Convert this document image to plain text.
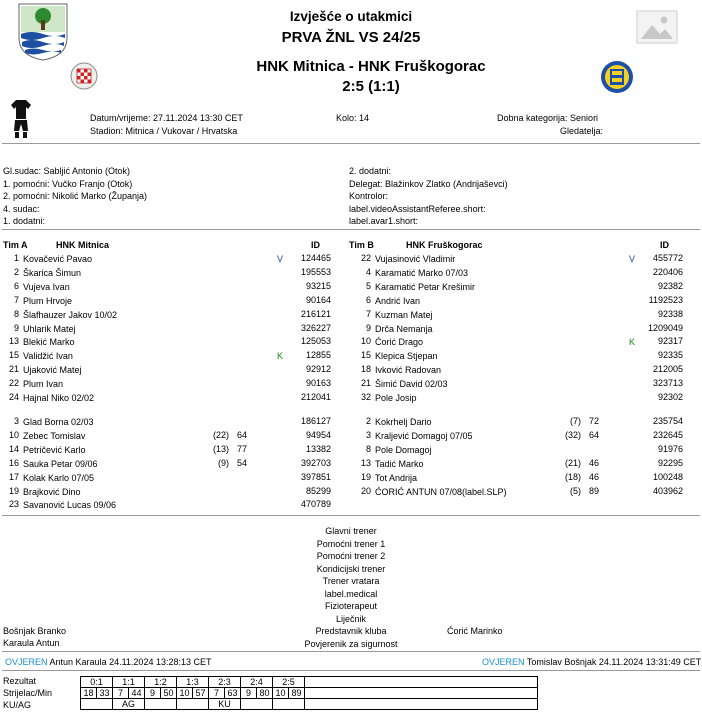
Izvješće o utakmici
PRVA ŽNL VS 24/25
HNK Mitnica - HNK Fruškogorac
2:5 (1:1)
Datum/vrijeme: 27.11.2024 13:30 CET
Stadion: Mitnica / Vukovar / Hrvatska
Kolo: 14	Dobna kategorija: Seniori
Gledatelja:
Gl.sudac: Sabljić Antonio (Otok)
1. pomoćni: Vučko Franjo (Otok)
2. pomoćni: Nikolić Marko (Županja)
4. sudac:
1. dodatni:
2. dodatni:
Delegat: Blažinkov Zlatko (Andrijaševci)
Kontrolor:
label.videoAssistantReferee.short:
label.avar1.short:
Tim A	HNK Mitnica	ID	Tim B	HNK Fruškogorac	ID
1 Kovačević Pavao	V	124465
2 Škarica Šimun	195553
6 Vujeva Ivan	93215
7 Plum Hrvoje	90164
8 Šlafhauzer Jakov 10/02	216121
9 Uhlarik Matej	326227
13 Blekić Marko	125053
15 Validžić Ivan	K	12855
21 Ujaković Matej	92912
22 Plum Ivan	90163
24 Hajnal Niko 02/02	212041
3 Glad Borna 02/03	186127
10 Zebec Tomislav	(22) 64	94954
14 Petričević Karlo	(13) 77	13382
16 Sauka Petar 09/06	(9) 54	392703
17 Kolak Karlo 07/05	397851
19 Brajković Dino	85299
23 Savanović Lucas 09/06	470789
22 Vujasinović Vladimir	V	455772
4 Karamatić Marko 07/03	220406
5 Karamatić Petar Krešimir	92382
6 Andrić Ivan	1192523
7 Kuzman Matej	92338
9 Drča Nemanja	1209049
10 Ćorić Drago	K	92317
15 Klepica Stjepan	92335
18 Ivković Radovan	212005
21 Šimić David 02/03	323713
32 Pole Josip	92302
2 Kokrhelj Dario	(7) 72	235754
3 Kraljević Domagoj 07/05	(32) 64	232645
8 Pole Domagoj	91976
13 Tadić Marko	(21) 46	92295
19 Tot Andrija	(18) 46	100248
20 ĆORIĆ ANTUN 07/08(label.SLP)	(5) 89	403962
Glavni trener
Pomoćni trener 1
Pomoćni trener 2
Kondicijski trener
Trener vratara
label.medical
Fizioterapeut
Liječnik
Predstavnik kluba
Povjerenik za sigurnost
Bošnjak Branko
Karaula Antun
Ćorić Marinko
OVJEREN Antun Karaula 24.11.2024 13:28:13 CET	OVJEREN Tomislav Bošnjak 24.11.2024 13:31:49 CET
Rezultat
Strijelac/Min
KU/AG
0:1		1:1		1:2		1:3		2:3		2:4		2:5		
18	33	7	44	9	50	10	57	7	63	9	80	10	89	
		AG						KU						
